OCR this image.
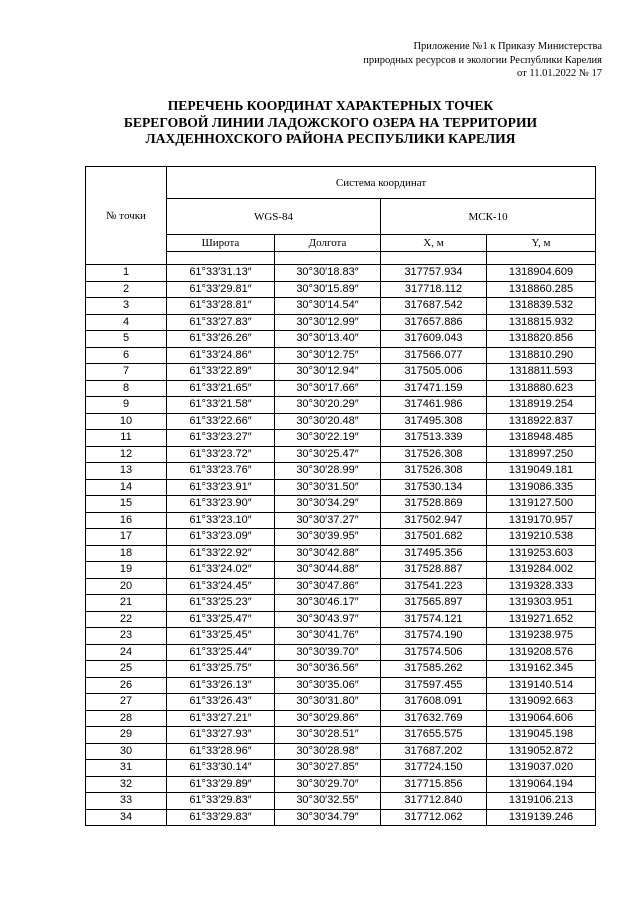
Приложение №1 к Приказу Министерства
природных ресурсов и экологии Республики Карелия
от 11.01.2022 № 17
ПЕРЕЧЕНЬ КООРДИНАТ ХАРАКТЕРНЫХ ТОЧЕК
БЕРЕГОВОЙ ЛИНИИ ЛАДОЖСКОГО ОЗЕРА НА ТЕРРИТОРИИ
ЛАХДЕННОХСКОГО РАЙОНА РЕСПУБЛИКИ КАРЕЛИЯ
№ точки	Система координат			
	WGS-84		МСК-10	
	Широта	Долгота	X, м	Y, м

1	61°33′31.13″	30°30′18.83″	317757.934	1318904.609
2	61°33′29.81″	30°30′15.89″	317718.112	1318860.285
3	61°33′28.81″	30°30′14.54″	317687.542	1318839.532
4	61°33′27.83″	30°30′12.99″	317657.886	1318815.932
5	61°33′26.26″	30°30′13.40″	317609.043	1318820.856
6	61°33′24.86″	30°30′12.75″	317566.077	1318810.290
7	61°33′22.89″	30°30′12.94″	317505.006	1318811.593
8	61°33′21.65″	30°30′17.66″	317471.159	1318880.623
9	61°33′21.58″	30°30′20.29″	317461.986	1318919.254
10	61°33′22.66″	30°30′20.48″	317495.308	1318922.837
11	61°33′23.27″	30°30′22.19″	317513.339	1318948.485
12	61°33′23.72″	30°30′25.47″	317526.308	1318997.250
13	61°33′23.76″	30°30′28.99″	317526.308	1319049.181
14	61°33′23.91″	30°30′31.50″	317530.134	1319086.335
15	61°33′23.90″	30°30′34.29″	317528.869	1319127.500
16	61°33′23.10″	30°30′37.27″	317502.947	1319170.957
17	61°33′23.09″	30°30′39.95″	317501.682	1319210.538
18	61°33′22.92″	30°30′42.88″	317495.356	1319253.603
19	61°33′24.02″	30°30′44.88″	317528.887	1319284.002
20	61°33′24.45″	30°30′47.86″	317541.223	1319328.333
21	61°33′25.23″	30°30′46.17″	317565.897	1319303.951
22	61°33′25.47″	30°30′43.97″	317574.121	1319271.652
23	61°33′25.45″	30°30′41.76″	317574.190	1319238.975
24	61°33′25.44″	30°30′39.70″	317574.506	1319208.576
25	61°33′25.75″	30°30′36.56″	317585.262	1319162.345
26	61°33′26.13″	30°30′35.06″	317597.455	1319140.514
27	61°33′26.43″	30°30′31.80″	317608.091	1319092.663
28	61°33′27.21″	30°30′29.86″	317632.769	1319064.606
29	61°33′27.93″	30°30′28.51″	317655.575	1319045.198
30	61°33′28.96″	30°30′28.98″	317687.202	1319052.872
31	61°33′30.14″	30°30′27.85″	317724.150	1319037.020
32	61°33′29.89″	30°30′29.70″	317715.856	1319064.194
33	61°33′29.83″	30°30′32.55″	317712.840	1319106.213
34	61°33′29.83″	30°30′34.79″	317712.062	1319139.246
